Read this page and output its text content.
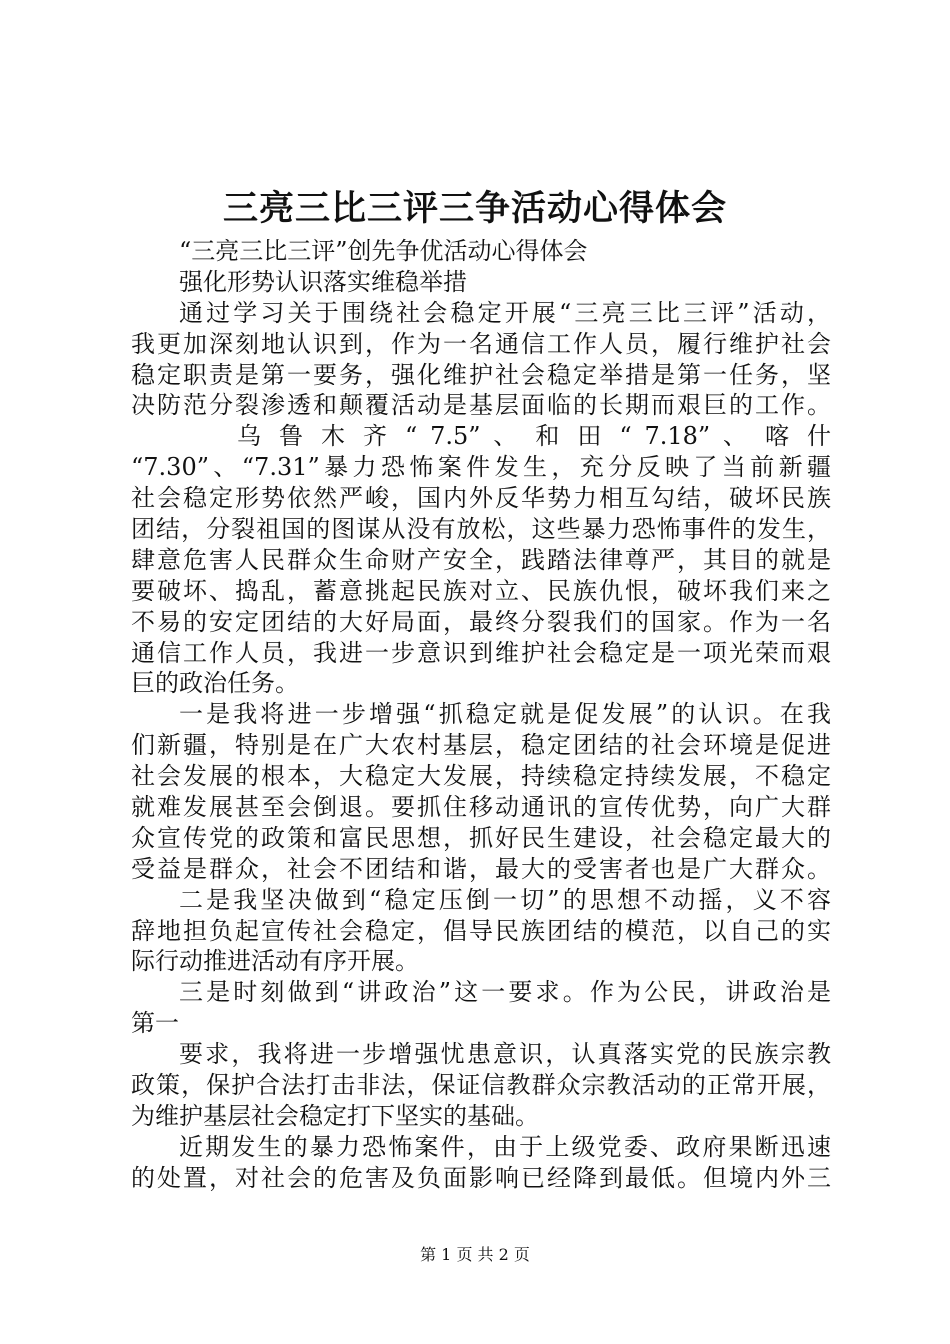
三亮三比三评三争活动心得体会
“三亮三比三评”创先争优活动心得体会
强化形势认识落实维稳举措
通过学习关于围绕社会稳定开展“三亮三比三评”活动，
我更加深刻地认识到，作为一名通信工作人员，履行维护社会
稳定职责是第一要务，强化维护社会稳定举措是第一任务，坚
决防范分裂渗透和颠覆活动是基层面临的长期而艰巨的工作。
乌 鲁 木 齐 “ 7.5” 、 和 田 “ 7.18” 、 喀 什
“7.30”、“7.31”暴力恐怖案件发生，充分反映了当前新疆
社会稳定形势依然严峻，国内外反华势力相互勾结，破坏民族
团结，分裂祖国的图谋从没有放松，这些暴力恐怖事件的发生，
肆意危害人民群众生命财产安全，践踏法律尊严，其目的就是
要破坏、捣乱，蓄意挑起民族对立、民族仇恨，破坏我们来之
不易的安定团结的大好局面，最终分裂我们的国家。作为一名
通信工作人员，我进一步意识到维护社会稳定是一项光荣而艰
巨的政治任务。
一是我将进一步增强“抓稳定就是促发展”的认识。在我
们新疆，特别是在广大农村基层，稳定团结的社会环境是促进
社会发展的根本，大稳定大发展，持续稳定持续发展，不稳定
就难发展甚至会倒退。要抓住移动通讯的宣传优势，向广大群
众宣传党的政策和富民思想，抓好民生建设，社会稳定最大的
受益是群众，社会不团结和谐，最大的受害者也是广大群众。
二是我坚决做到“稳定压倒一切”的思想不动摇，义不容
辞地担负起宣传社会稳定，倡导民族团结的模范，以自己的实
际行动推进活动有序开展。
三是时刻做到“讲政治”这一要求。作为公民，讲政治是
第一
要求，我将进一步增强忧患意识，认真落实党的民族宗教
政策，保护合法打击非法，保证信教群众宗教活动的正常开展，
为维护基层社会稳定打下坚实的基础。
近期发生的暴力恐怖案件，由于上级党委、政府果断迅速
的处置，对社会的危害及负面影响已经降到最低。但境内外三
第 1 页 共 2 页
